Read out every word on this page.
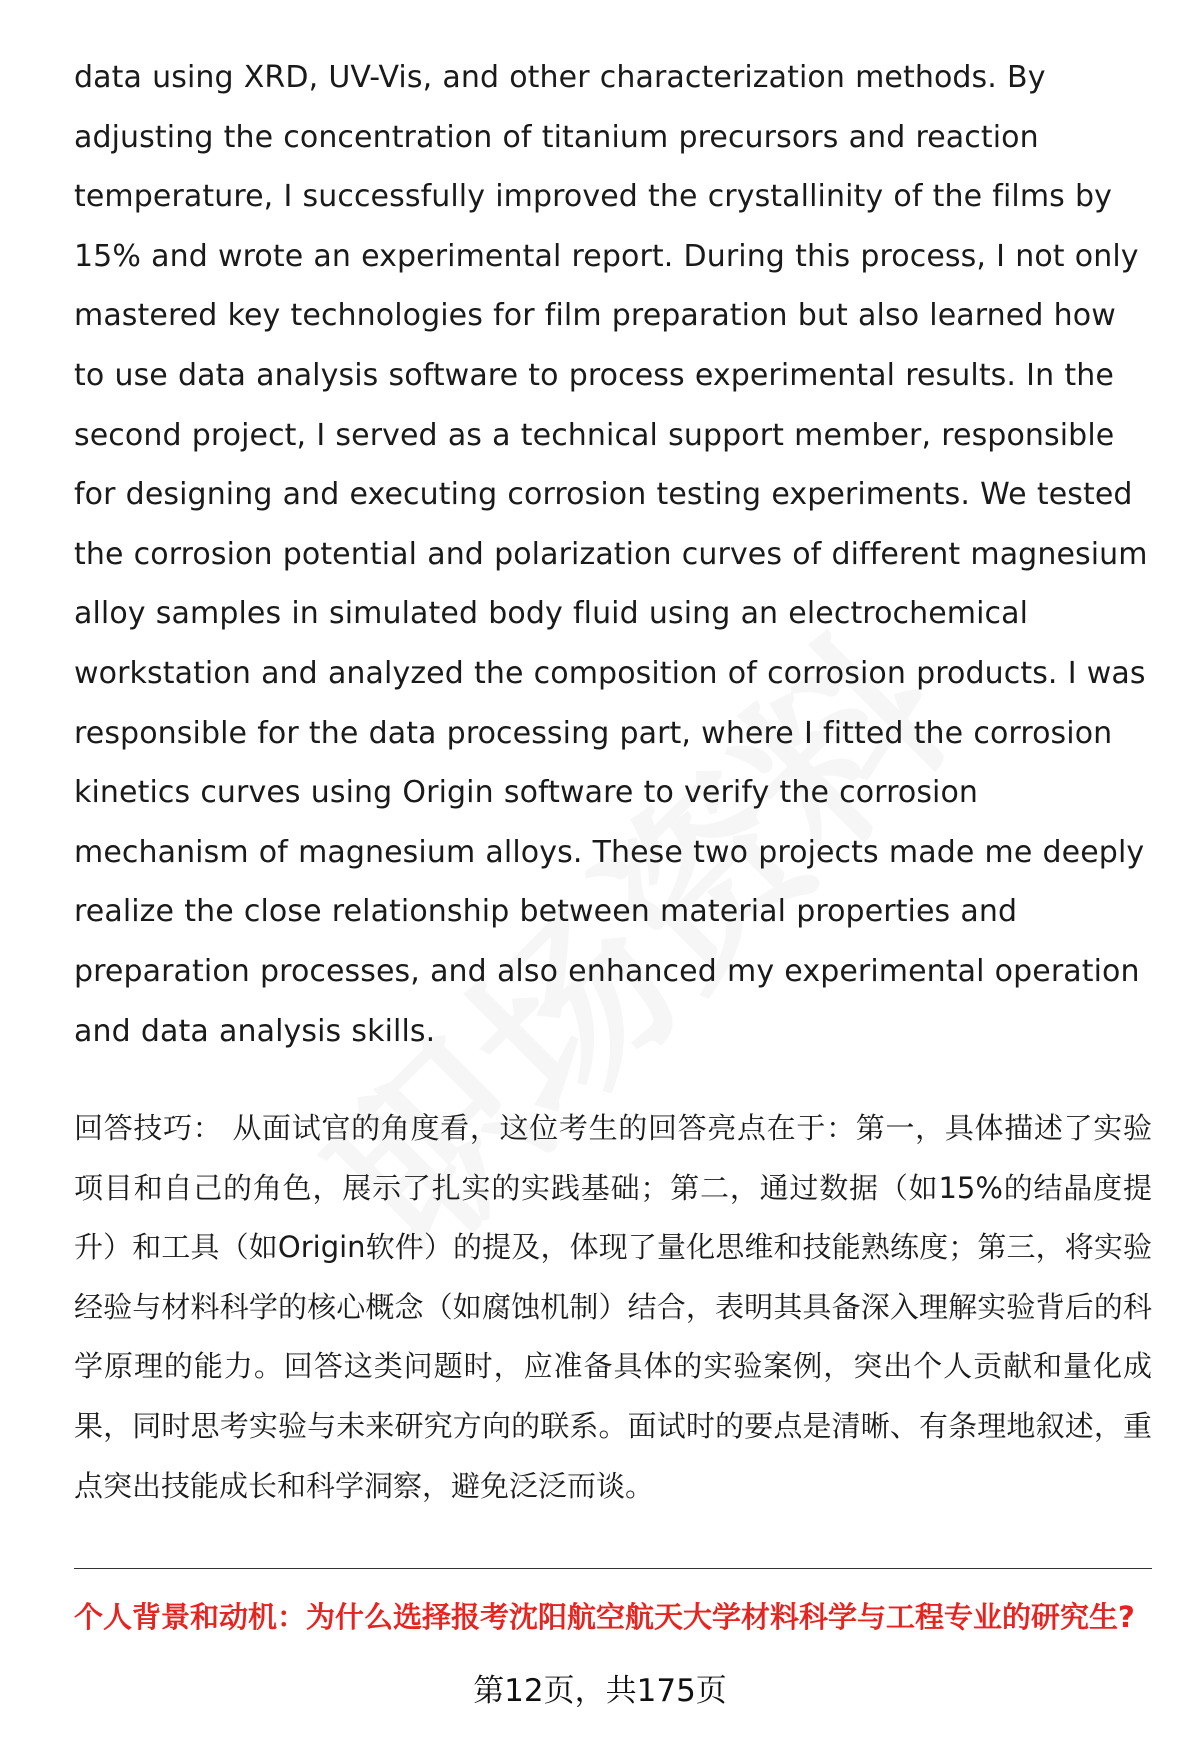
data using XRD, UV-Vis, and other characterization methods. By adjusting the concentration of titanium precursors and reaction temperature, I successfully improved the crystallinity of the films by 15% and wrote an experimental report. During this process, I not only mastered key technologies for film preparation but also learned how to use data analysis software to process experimental results. In the second project, I served as a technical support member, responsible for designing and executing corrosion testing experiments. We tested the corrosion potential and polarization curves of different magnesium alloy samples in simulated body fluid using an electrochemical workstation and analyzed the composition of corrosion products. I was responsible for the data processing part, where I fitted the corrosion kinetics curves using Origin software to verify the corrosion mechanism of magnesium alloys. These two projects made me deeply realize the close relationship between material properties and preparation processes, and also enhanced my experimental operation and data analysis skills.

回答技巧： 从面试官的角度看，这位考生的回答亮点在于：第一，具体描述了实验项目和自己的角色，展示了扎实的实践基础；第二，通过数据（如15%的结晶度提升）和工具（如Origin软件）的提及，体现了量化思维和技能熟练度；第三，将实验经验与材料科学的核心概念（如腐蚀机制）结合，表明其具备深入理解实验背后的科学原理的能力。回答这类问题时，应准备具体的实验案例，突出个人贡献和量化成果，同时思考实验与未来研究方向的联系。面试时的要点是清晰、有条理地叙述，重点突出技能成长和科学洞察，避免泛泛而谈。

个人背景和动机：为什么选择报考沈阳航空航天大学材料科学与工程专业的研究生?
第12页，共175页
